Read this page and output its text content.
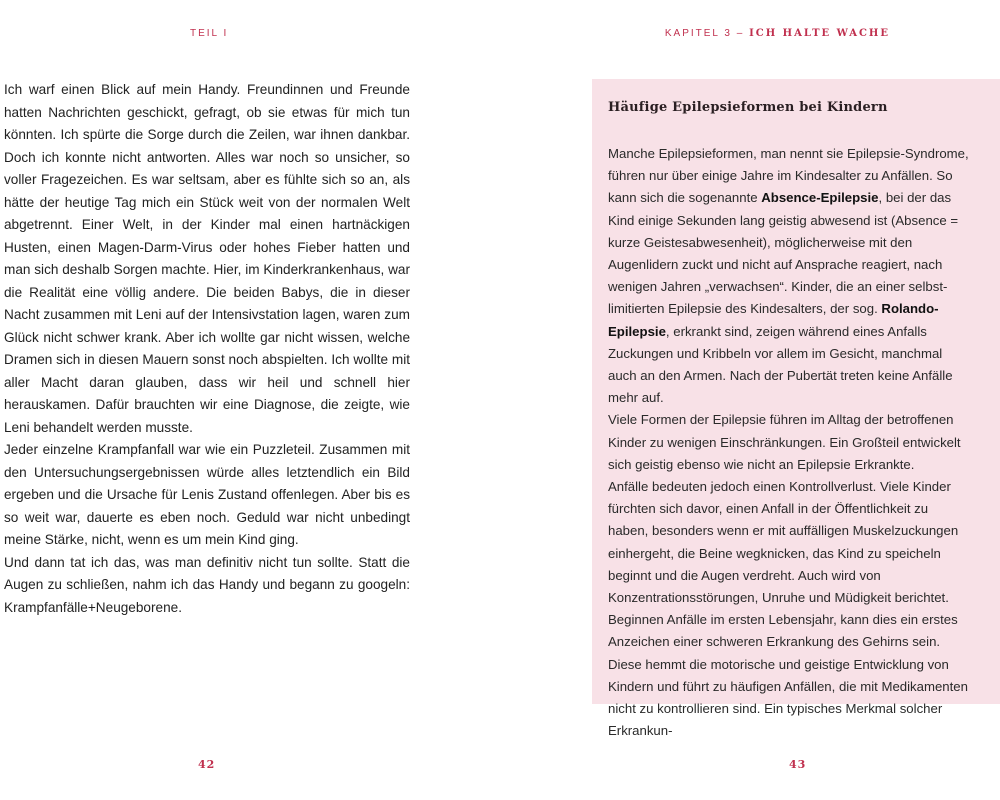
TEIL I

Ich warf einen Blick auf mein Handy. Freundinnen und Freunde hatten Nachrichten geschickt, gefragt, ob sie etwas für mich tun könnten. Ich spürte die Sorge durch die Zeilen, war ihnen dankbar. Doch ich konnte nicht antworten. Alles war noch so unsicher, so voller Fragezeichen. Es war seltsam, aber es fühlte sich so an, als hätte der heutige Tag mich ein Stück weit von der normalen Welt abgetrennt. Einer Welt, in der Kinder mal einen hartnäckigen Husten, einen Magen-Darm-Virus oder hohes Fieber hatten und man sich deshalb Sorgen machte. Hier, im Kinderkrankenhaus, war die Realität eine völlig andere. Die beiden Babys, die in dieser Nacht zusammen mit Leni auf der Intensivstation lagen, waren zum Glück nicht schwer krank. Aber ich wollte gar nicht wissen, welche Dramen sich in diesen Mauern sonst noch abspielten. Ich wollte mit aller Macht daran glauben, dass wir heil und schnell hier herauskamen. Dafür brauchten wir eine Diagnose, die zeigte, wie Leni behandelt werden musste.

Jeder einzelne Krampfanfall war wie ein Puzzleteil. Zusammen mit den Untersuchungsergebnissen würde alles letztendlich ein Bild ergeben und die Ursache für Lenis Zustand offenlegen. Aber bis es so weit war, dauerte es eben noch. Geduld war nicht unbedingt meine Stärke, nicht, wenn es um mein Kind ging.

Und dann tat ich das, was man definitiv nicht tun sollte. Statt die Augen zu schließen, nahm ich das Handy und begann zu googeln: Krampfanfälle+Neugeborene.

42
KAPITEL 3 – ICH HALTE WACHE
Häufige Epilepsieformen bei Kindern

Manche Epilepsieformen, man nennt sie Epilepsie-Syndrome, führen nur über einige Jahre im Kindesalter zu Anfällen. So kann sich die sogenannte Absence-Epilepsie, bei der das Kind einige Sekunden lang geistig abwesend ist (Absence = kurze Geistesabwesenheit), möglicherweise mit den Augenlidern zuckt und nicht auf Ansprache reagiert, nach wenigen Jahren „verwachsen“. Kinder, die an einer selbst-limitierten Epilepsie des Kindesalters, der sog. Rolando-Epilepsie, erkrankt sind, zeigen während eines Anfalls Zuckungen und Kribbeln vor allem im Gesicht, manchmal auch an den Armen. Nach der Pubertät treten keine Anfälle mehr auf.

Viele Formen der Epilepsie führen im Alltag der betroffenen Kinder zu wenigen Einschränkungen. Ein Großteil entwickelt sich geistig ebenso wie nicht an Epilepsie Erkrankte.

Anfälle bedeuten jedoch einen Kontrollverlust. Viele Kinder fürchten sich davor, einen Anfall in der Öffentlichkeit zu haben, besonders wenn er mit auffälligen Muskelzuckungen einhergeht, die Beine wegknicken, das Kind zu speicheln beginnt und die Augen verdreht. Auch wird von Konzentrationsstörungen, Unruhe und Müdigkeit berichtet.

Beginnen Anfälle im ersten Lebensjahr, kann dies ein erstes Anzeichen einer schweren Erkrankung des Gehirns sein. Diese hemmt die motorische und geistige Entwicklung von Kindern und führt zu häufigen Anfällen, die mit Medikamenten nicht zu kontrollieren sind. Ein typisches Merkmal solcher Erkrankun-

43
